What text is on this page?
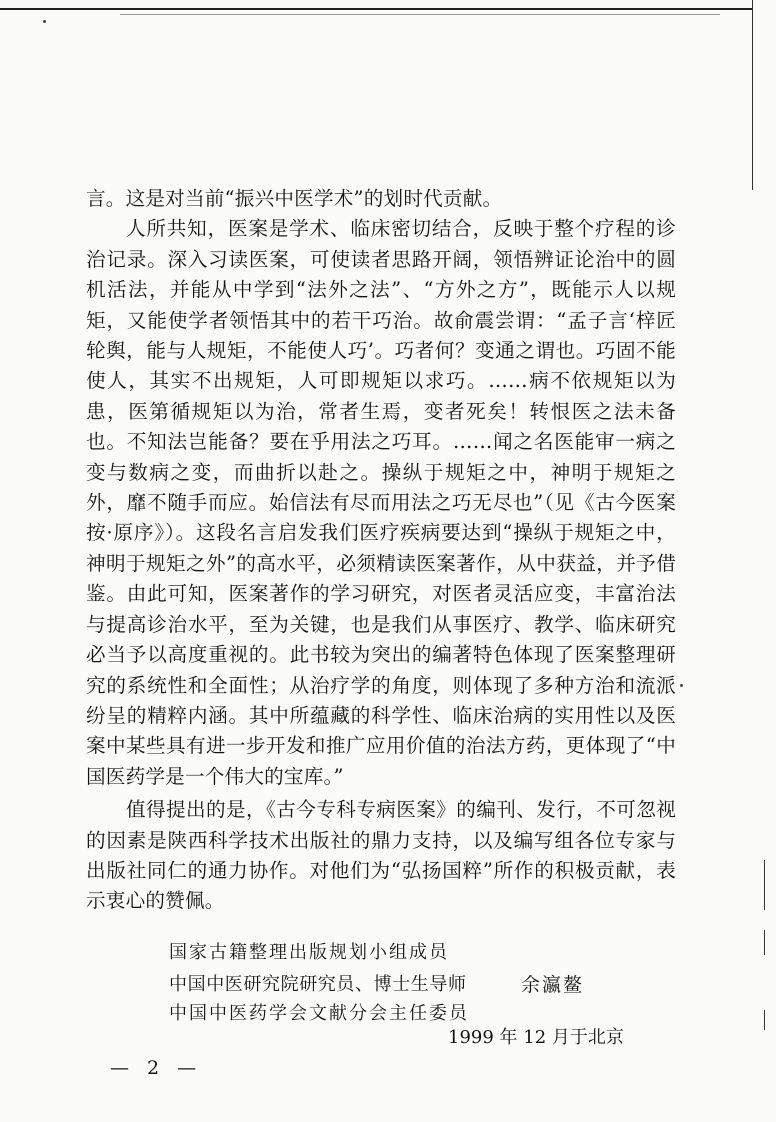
言。这是对当前“振兴中医学术”的划时代贡献。

人所共知，医案是学术、临床密切结合，反映于整个疗程的诊治记录。深入习读医案，可使读者思路开阔，领悟辨证论治中的圆机活法，并能从中学到“法外之法”、“方外之方”，既能示人以规矩，又能使学者领悟其中的若干巧治。故俞震尝谓：“孟子言‘梓匠轮舆，能与人规矩，不能使人巧’。巧者何？变通之谓也。巧固不能使人，其实不出规矩，人可即规矩以求巧。……病不依规矩以为患，医第循规矩以为治，常者生焉，变者死矣！转恨医之法未备也。不知法岂能备？要在乎用法之巧耳。……闻之名医能审一病之变与数病之变，而曲折以赴之。操纵于规矩之中，神明于规矩之外，靡不随手而应。始信法有尽而用法之巧无尽也”（见《古今医案按·原序》）。这段名言启发我们医疗疾病要达到“操纵于规矩之中，神明于规矩之外”的高水平，必须精读医案著作，从中获益，并予借鉴。由此可知，医案著作的学习研究，对医者灵活应变，丰富治法与提高诊治水平，至为关键，也是我们从事医疗、教学、临床研究必当予以高度重视的。此书较为突出的编著特色体现了医案整理研究的系统性和全面性；从治疗学的角度，则体现了多种方治和流派纷呈的精粹内涵。其中所蕴藏的科学性、临床治病的实用性以及医案中某些具有进一步开发和推广应用价值的治法方药，更体现了“中国医药学是一个伟大的宝库。”

值得提出的是，《古今专科专病医案》的编刊、发行，不可忽视的因素是陕西科学技术出版社的鼎力支持，以及编写组各位专家与出版社同仁的通力协作。对他们为“弘扬国粹”所作的积极贡献，表示衷心的赞佩。

国家古籍整理出版规划小组成员
中国中医研究院研究员、博士生导师	余瀛鳌
中国中医药学会文献分会主任委员
1999 年 12 月于北京
— 2 —
